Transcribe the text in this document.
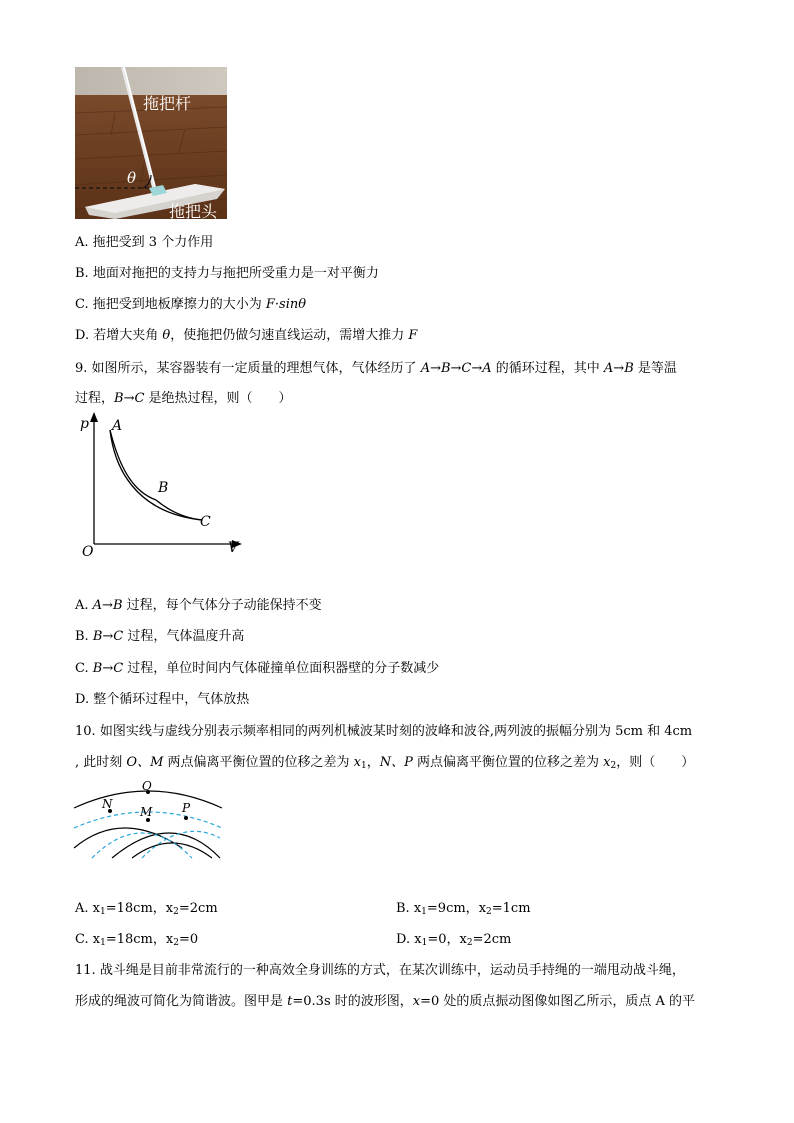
拖把杆
拖把头
θ
A. 拖把受到 3 个力作用
B. 地面对拖把的支持力与拖把所受重力是一对平衡力
C. 拖把受到地板摩擦力的大小为 F·sinθ
D. 若增大夹角 θ，使拖把仍做匀速直线运动，需增大推力 F
9. 如图所示，某容器装有一定质量的理想气体，气体经历了 A→B→C→A 的循环过程，其中 A→B 是等温
过程，B→C 是绝热过程，则（　　）
p
V
O
A
B
C
A. A→B 过程，每个气体分子动能保持不变
B. B→C 过程，气体温度升高
C. B→C 过程，单位时间内气体碰撞单位面积器壁的分子数减少
D. 整个循环过程中，气体放热
10. 如图实线与虚线分别表示频率相同的两列机械波某时刻的波峰和波谷,两列波的振幅分别为 5cm 和 4cm
, 此时刻 O、M 两点偏离平衡位置的位移之差为 $x_1$，N、P 两点偏离平衡位置的位移之差为 $x_2$，则（　　）
O
N
M P
A. $x_1=18cm$，$x_2=2cm$	B. $x_1=9cm$，$x_2=1cm$
C. $x_1=18cm$，$x_2=0$	D. $x_1=0$，$x_2=2cm$
11. 战斗绳是目前非常流行的一种高效全身训练的方式，在某次训练中，运动员手持绳的一端甩动战斗绳，
形成的绳波可简化为简谐波。图甲是 t=0.3s 时的波形图，x=0 处的质点振动图像如图乙所示，质点 A 的平
